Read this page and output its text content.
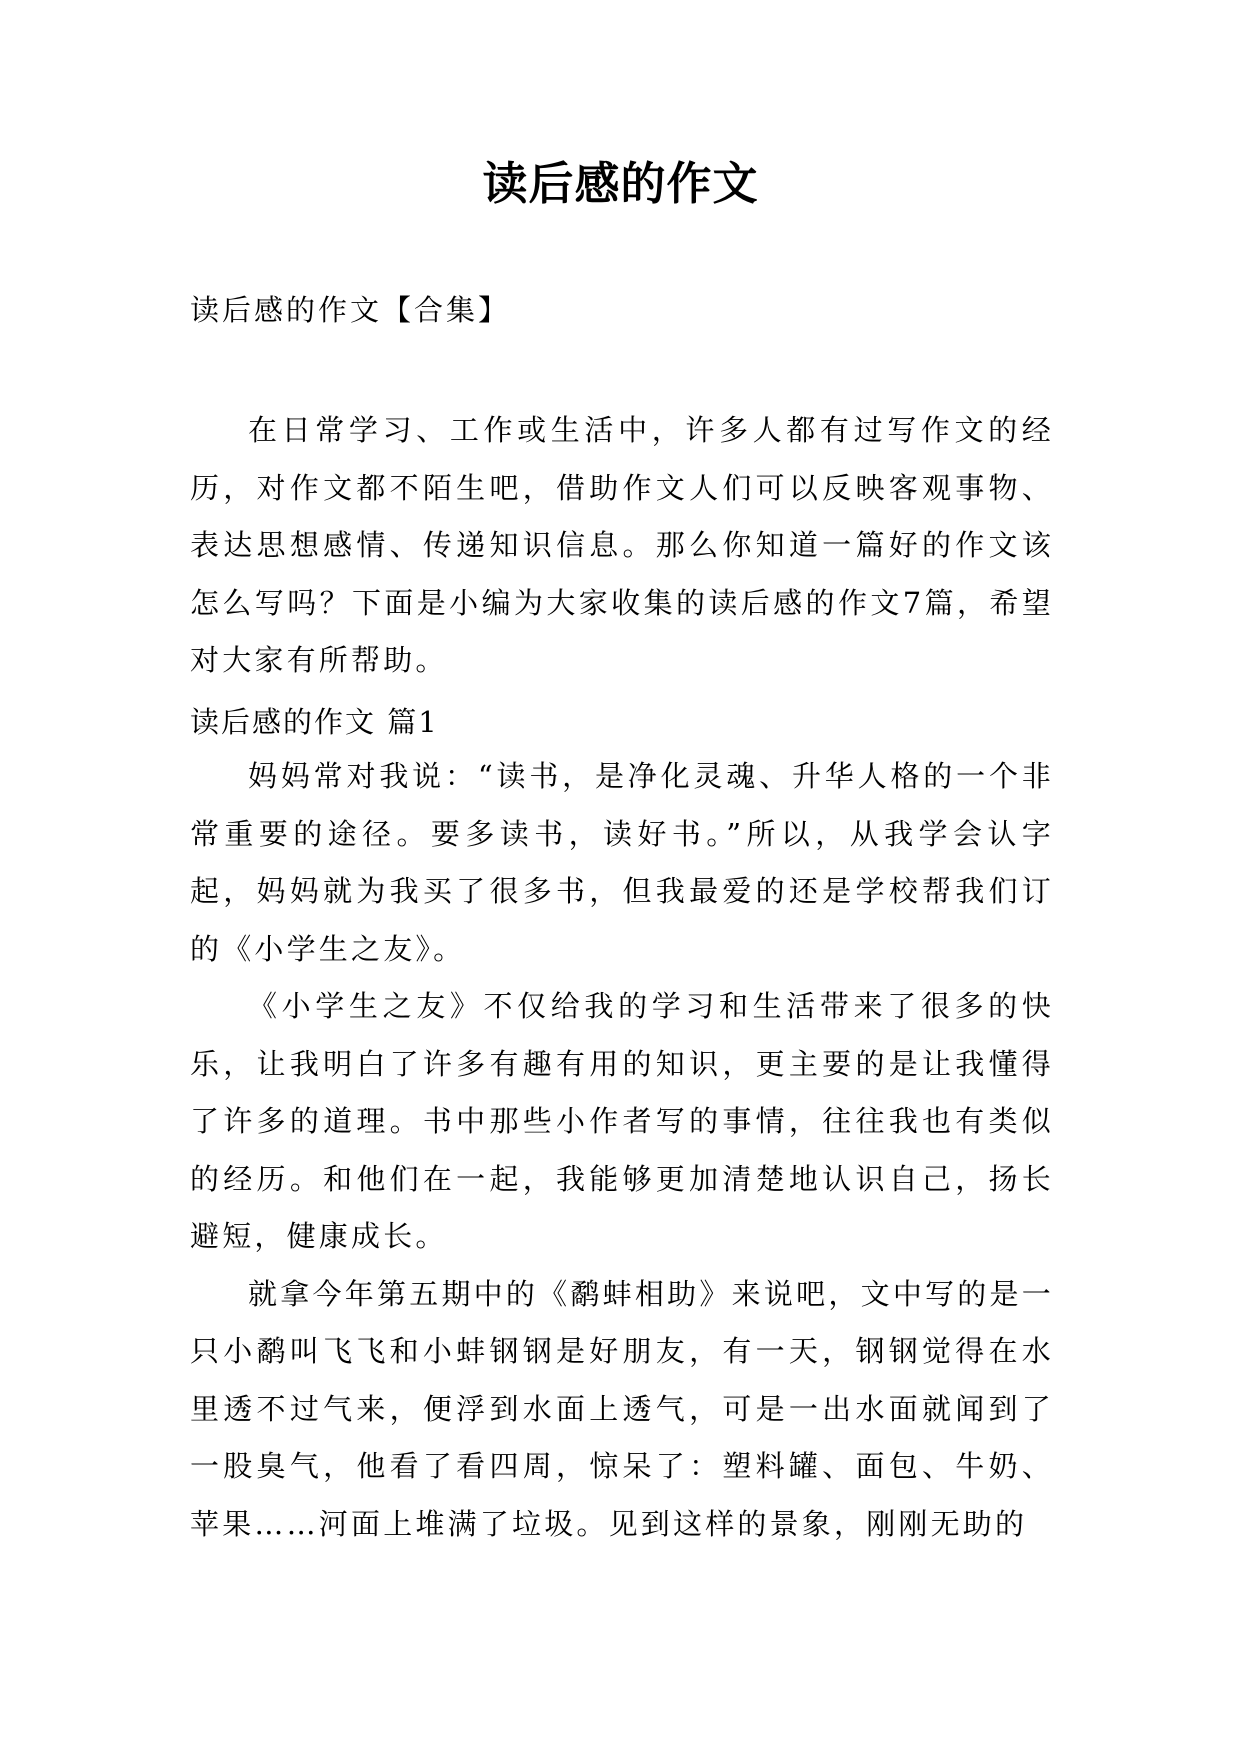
读后感的作文
读后感的作文【合集】

在日常学习、工作或生活中，许多人都有过写作文的经历，对作文都不陌生吧，借助作文人们可以反映客观事物、表达思想感情、传递知识信息。那么你知道一篇好的作文该怎么写吗？下面是小编为大家收集的读后感的作文7篇，希望对大家有所帮助。

读后感的作文 篇1

妈妈常对我说：“读书，是净化灵魂、升华人格的一个非常重要的途径。要多读书，读好书。”所以，从我学会认字起，妈妈就为我买了很多书，但我最爱的还是学校帮我们订的《小学生之友》。

《小学生之友》不仅给我的学习和生活带来了很多的快乐，让我明白了许多有趣有用的知识，更主要的是让我懂得了许多的道理。书中那些小作者写的事情，往往我也有类似的经历。和他们在一起，我能够更加清楚地认识自己，扬长避短，健康成长。

就拿今年第五期中的《鹬蚌相助》来说吧，文中写的是一只小鹬叫飞飞和小蚌钢钢是好朋友，有一天，钢钢觉得在水里透不过气来，便浮到水面上透气，可是一出水面就闻到了一股臭气，他看了看四周，惊呆了：塑料罐、面包、牛奶、苹果……河面上堆满了垃圾。见到这样的景象，刚刚无助的
